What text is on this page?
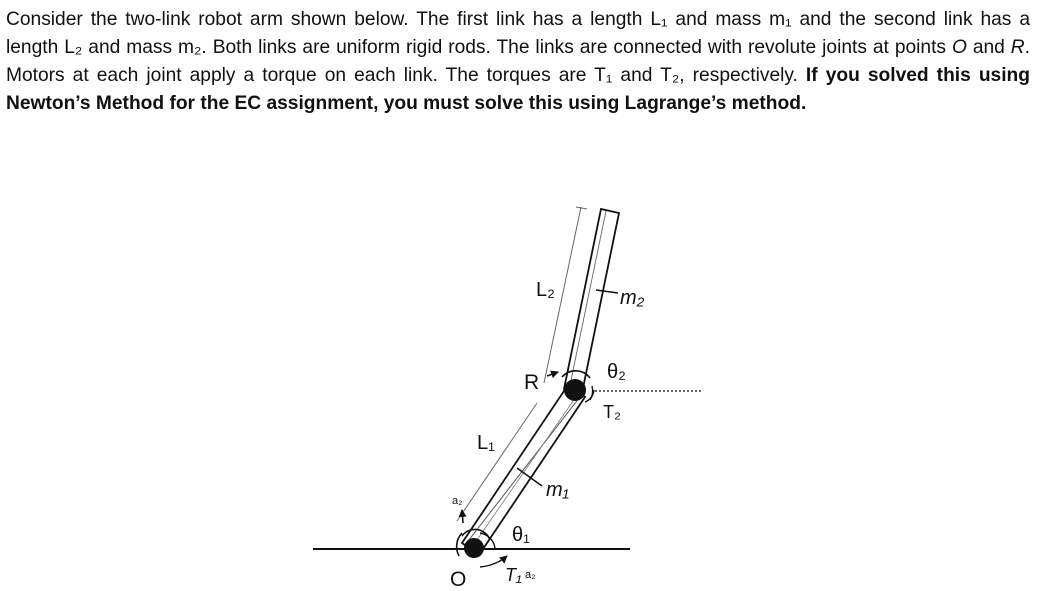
Consider the two-link robot arm shown below. The first link has a length L₁ and mass m₁ and the second link has a length L₂ and mass m₂. Both links are uniform rigid rods. The links are connected with revolute joints at points O and R. Motors at each joint apply a torque on each link. The torques are T₁ and T₂, respectively. If you solved this using Newton’s Method for the EC assignment, you must solve this using Lagrange’s method.

L₂	m₂
θ₂
R
T₂
L₁
m₁
a₂
θ₁
O T₁ a₂
